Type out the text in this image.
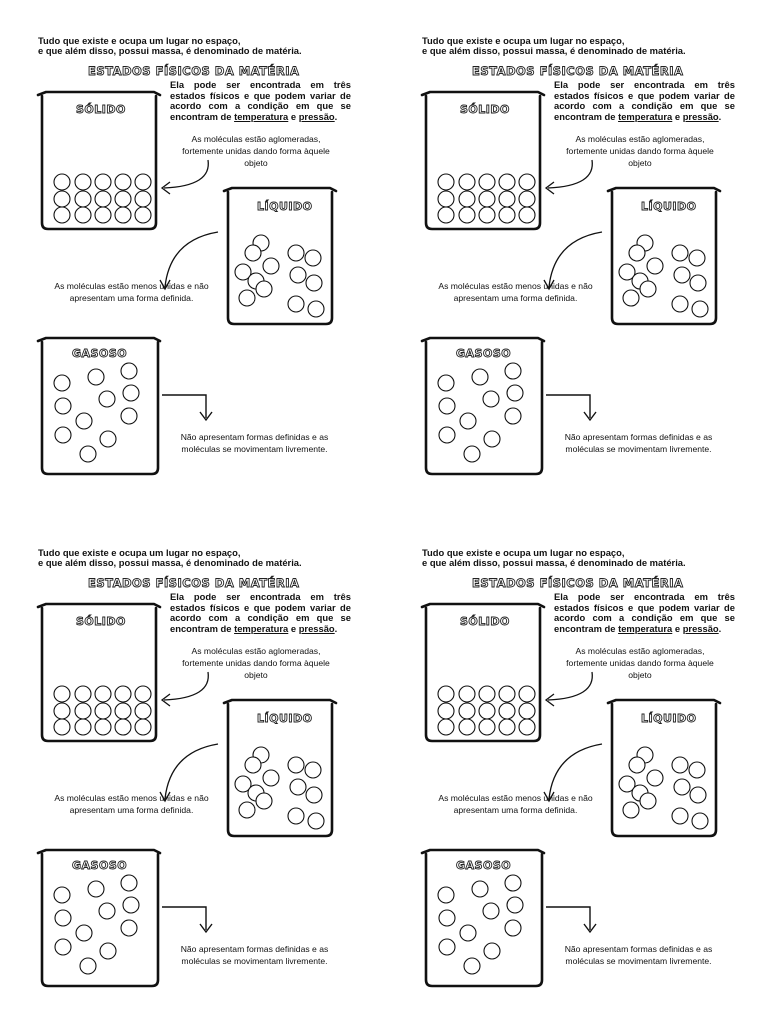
Tudo que existe e ocupa um lugar no espaço,
e que além disso, possui massa, é denominado de matéria.

ESTADOS FÍSICOS DA MATÉRIA

Ela pode ser encontrada em três estados físicos e que podem variar de acordo com a condição em que se encontram de temperatura e pressão.

SÓLIDO

LÍQUIDO

GASOSO

As moléculas estão aglomeradas, fortemente unidas dando forma àquele objeto

As moléculas estão menos unidas e não apresentam uma forma definida.

Não apresentam formas definidas e as moléculas se movimentam livremente.

Tudo que existe e ocupa um lugar no espaço,
e que além disso, possui massa, é denominado de matéria.

ESTADOS FÍSICOS DA MATÉRIA

Ela pode ser encontrada em três estados físicos e que podem variar de acordo com a condição em que se encontram de temperatura e pressão.

SÓLIDO

LÍQUIDO

GASOSO

As moléculas estão aglomeradas, fortemente unidas dando forma àquele objeto

As moléculas estão menos unidas e não apresentam uma forma definida.

Não apresentam formas definidas e as moléculas se movimentam livremente.

Tudo que existe e ocupa um lugar no espaço,
e que além disso, possui massa, é denominado de matéria.

ESTADOS FÍSICOS DA MATÉRIA

Ela pode ser encontrada em três estados físicos e que podem variar de acordo com a condição em que se encontram de temperatura e pressão.

SÓLIDO

LÍQUIDO

GASOSO

As moléculas estão aglomeradas, fortemente unidas dando forma àquele objeto

As moléculas estão menos unidas e não apresentam uma forma definida.

Não apresentam formas definidas e as moléculas se movimentam livremente.

Tudo que existe e ocupa um lugar no espaço,
e que além disso, possui massa, é denominado de matéria.

ESTADOS FÍSICOS DA MATÉRIA

Ela pode ser encontrada em três estados físicos e que podem variar de acordo com a condição em que se encontram de temperatura e pressão.

SÓLIDO

LÍQUIDO

GASOSO

As moléculas estão aglomeradas, fortemente unidas dando forma àquele objeto

As moléculas estão menos unidas e não apresentam uma forma definida.

Não apresentam formas definidas e as moléculas se movimentam livremente.
